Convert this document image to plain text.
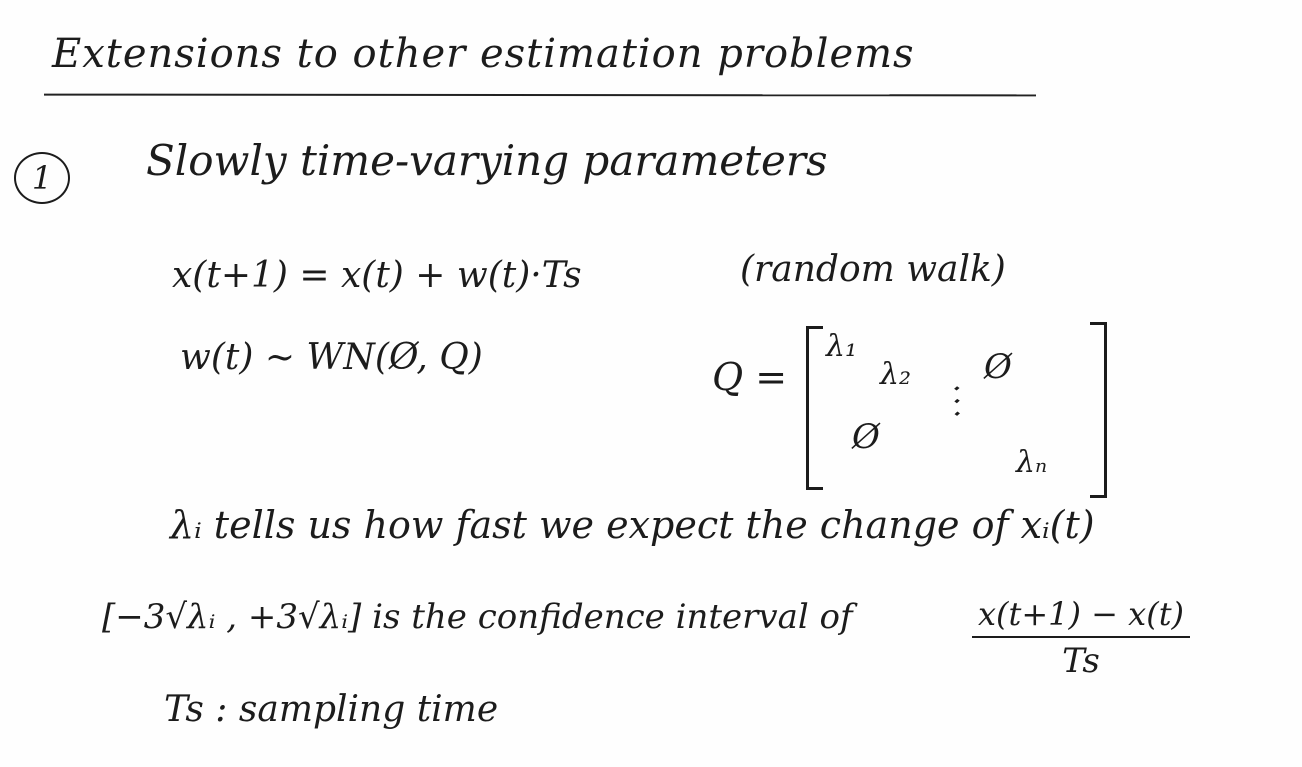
Extensions to other estimation problems
1	Slowly time-varying parameters
x(t+1) = x(t) + w(t)·Ts	(random walk)
w(t) ~ WN(Ø, Q)	Q =
λ₁
λ₂ Ø
⋱
Ø
λₙ
λᵢ tells us how fast we expect the change of xᵢ(t)
[−3√λᵢ , +3√λᵢ] is the confidence interval of	x(t+1) − x(t)
Ts
Ts : sampling time
